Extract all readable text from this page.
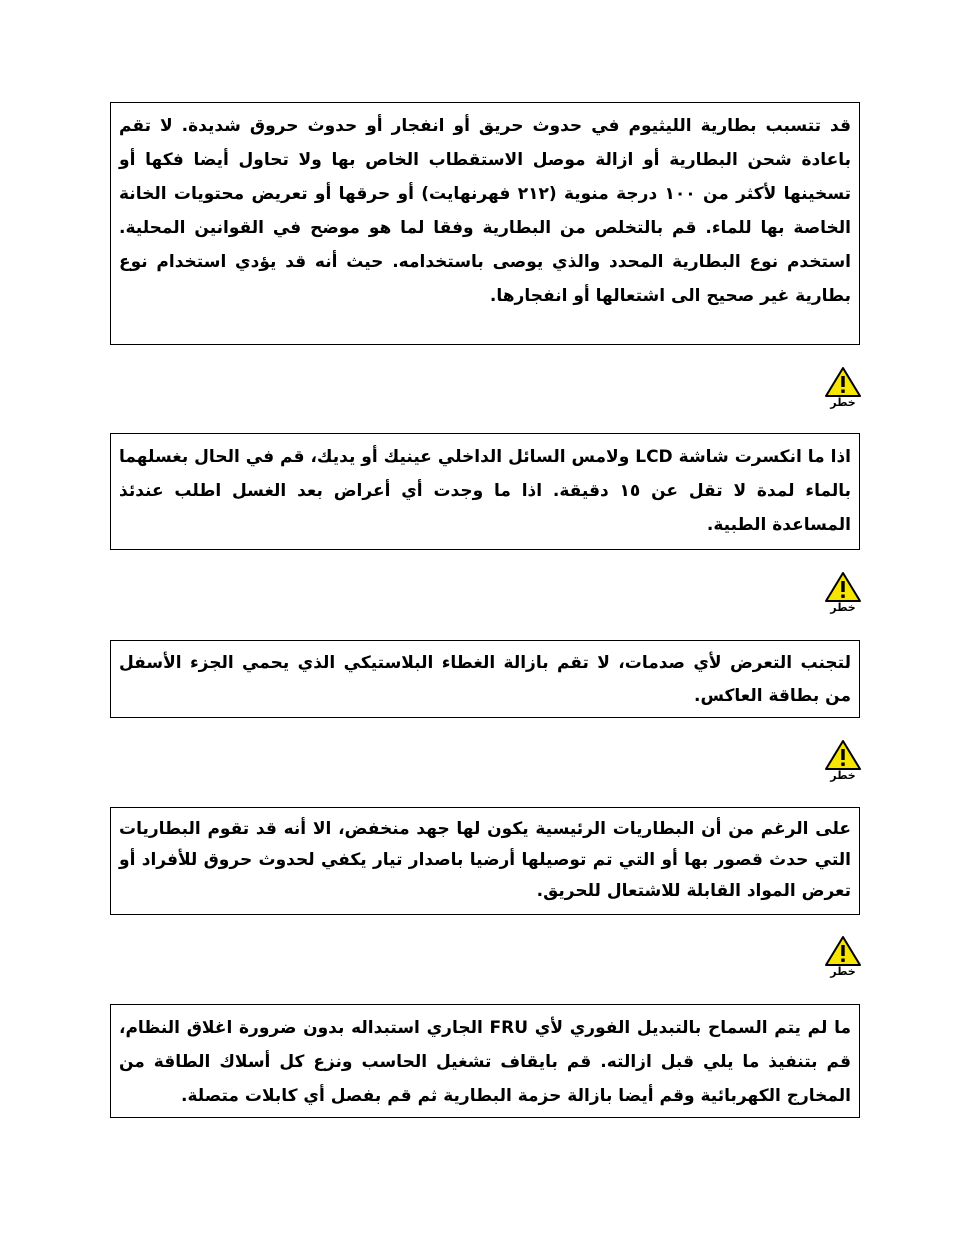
قد تتسبب بطارية الليثيوم في حدوث حريق أو انفجار أو حدوث حروق شديدة. لا تقم باعادة شحن البطارية أو ازالة موصل الاستقطاب الخاص بها ولا تحاول أيضا فكها أو تسخينها لأكثر من ١٠٠ درجة منوية (٢١٢ فهرنهايت) أو حرقها أو تعريض محتويات الخانة الخاصة بها للماء. قم بالتخلص من البطارية وفقا لما هو موضح في القوانين المحلية. استخدم نوع البطارية المحدد والذي يوصى باستخدامه. حيث أنه قد يؤدي استخدام نوع بطارية غير صحيح الى اشتعالها أو انفجارها.

خطر

اذا ما انكسرت شاشة LCD ولامس السائل الداخلي عينيك أو يديك، قم في الحال بغسلهما بالماء لمدة لا تقل عن ١٥ دقيقة. اذا ما وجدت أي أعراض بعد الغسل اطلب عندئذ المساعدة الطبية.

خطر

لتجنب التعرض لأي صدمات، لا تقم بازالة الغطاء البلاستيكي الذي يحمي الجزء الأسفل من بطاقة العاكس.

خطر

على الرغم من أن البطاريات الرئيسية يكون لها جهد منخفض، الا أنه قد تقوم البطاريات التي حدث قصور بها أو التي تم توصيلها أرضيا باصدار تيار يكفي لحدوث حروق للأفراد أو تعرض المواد القابلة للاشتعال للحريق.

خطر

ما لم يتم السماح بالتبديل الفوري لأي FRU الجاري استبداله بدون ضرورة اغلاق النظام، قم بتنفيذ ما يلي قبل ازالته. قم بايقاف تشغيل الحاسب ونزع كل أسلاك الطاقة من المخارج الكهربائية وقم أيضا بازالة حزمة البطارية ثم قم بفصل أي كابلات متصلة.
